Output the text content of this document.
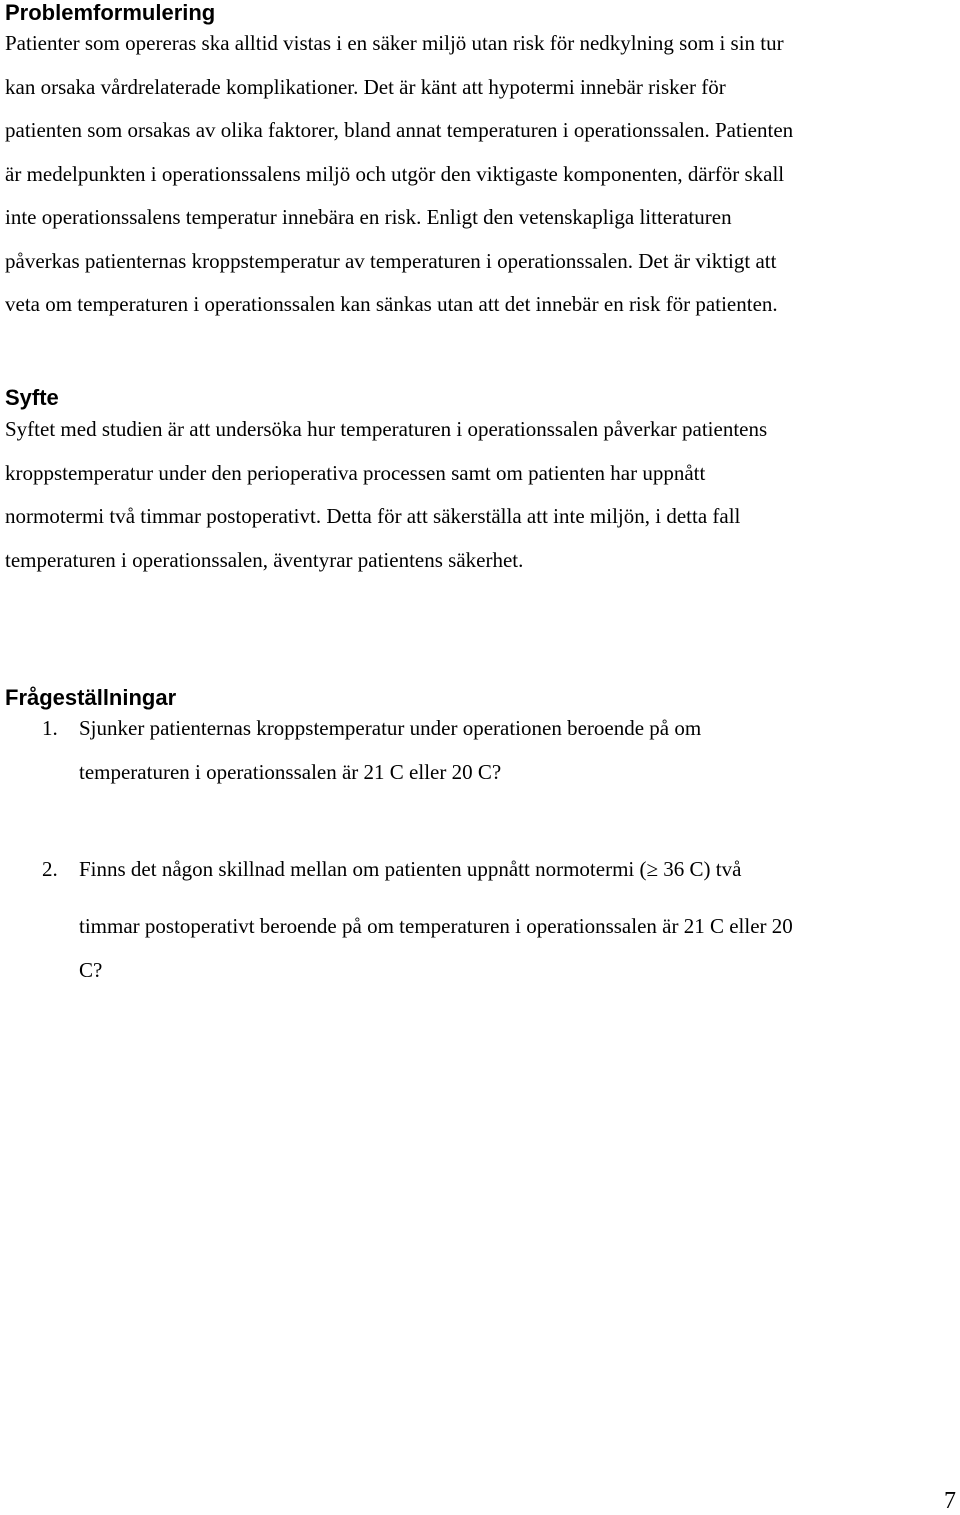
Problemformulering
Patienter som opereras ska alltid vistas i en säker miljö utan risk för nedkylning som i sin tur
kan orsaka vårdrelaterade komplikationer. Det är känt att hypotermi innebär risker för
patienten som orsakas av olika faktorer, bland annat temperaturen i operationssalen. Patienten
är medelpunkten i operationssalens miljö och utgör den viktigaste komponenten, därför skall
inte operationssalens temperatur innebära en risk. Enligt den vetenskapliga litteraturen
påverkas patienternas kroppstemperatur av temperaturen i operationssalen. Det är viktigt att
veta om temperaturen i operationssalen kan sänkas utan att det innebär en risk för patienten.
Syfte
Syftet med studien är att undersöka hur temperaturen i operationssalen påverkar patientens
kroppstemperatur under den perioperativa processen samt om patienten har uppnått
normotermi två timmar postoperativt. Detta för att säkerställa att inte miljön, i detta fall
temperaturen i operationssalen, äventyrar patientens säkerhet.
Frågeställningar
1. Sjunker patienternas kroppstemperatur under operationen beroende på om
temperaturen i operationssalen är 21 C eller 20 C?
2. Finns det någon skillnad mellan om patienten uppnått normotermi (≥ 36 C) två
timmar postoperativt beroende på om temperaturen i operationssalen är 21 C eller 20
C?
7
